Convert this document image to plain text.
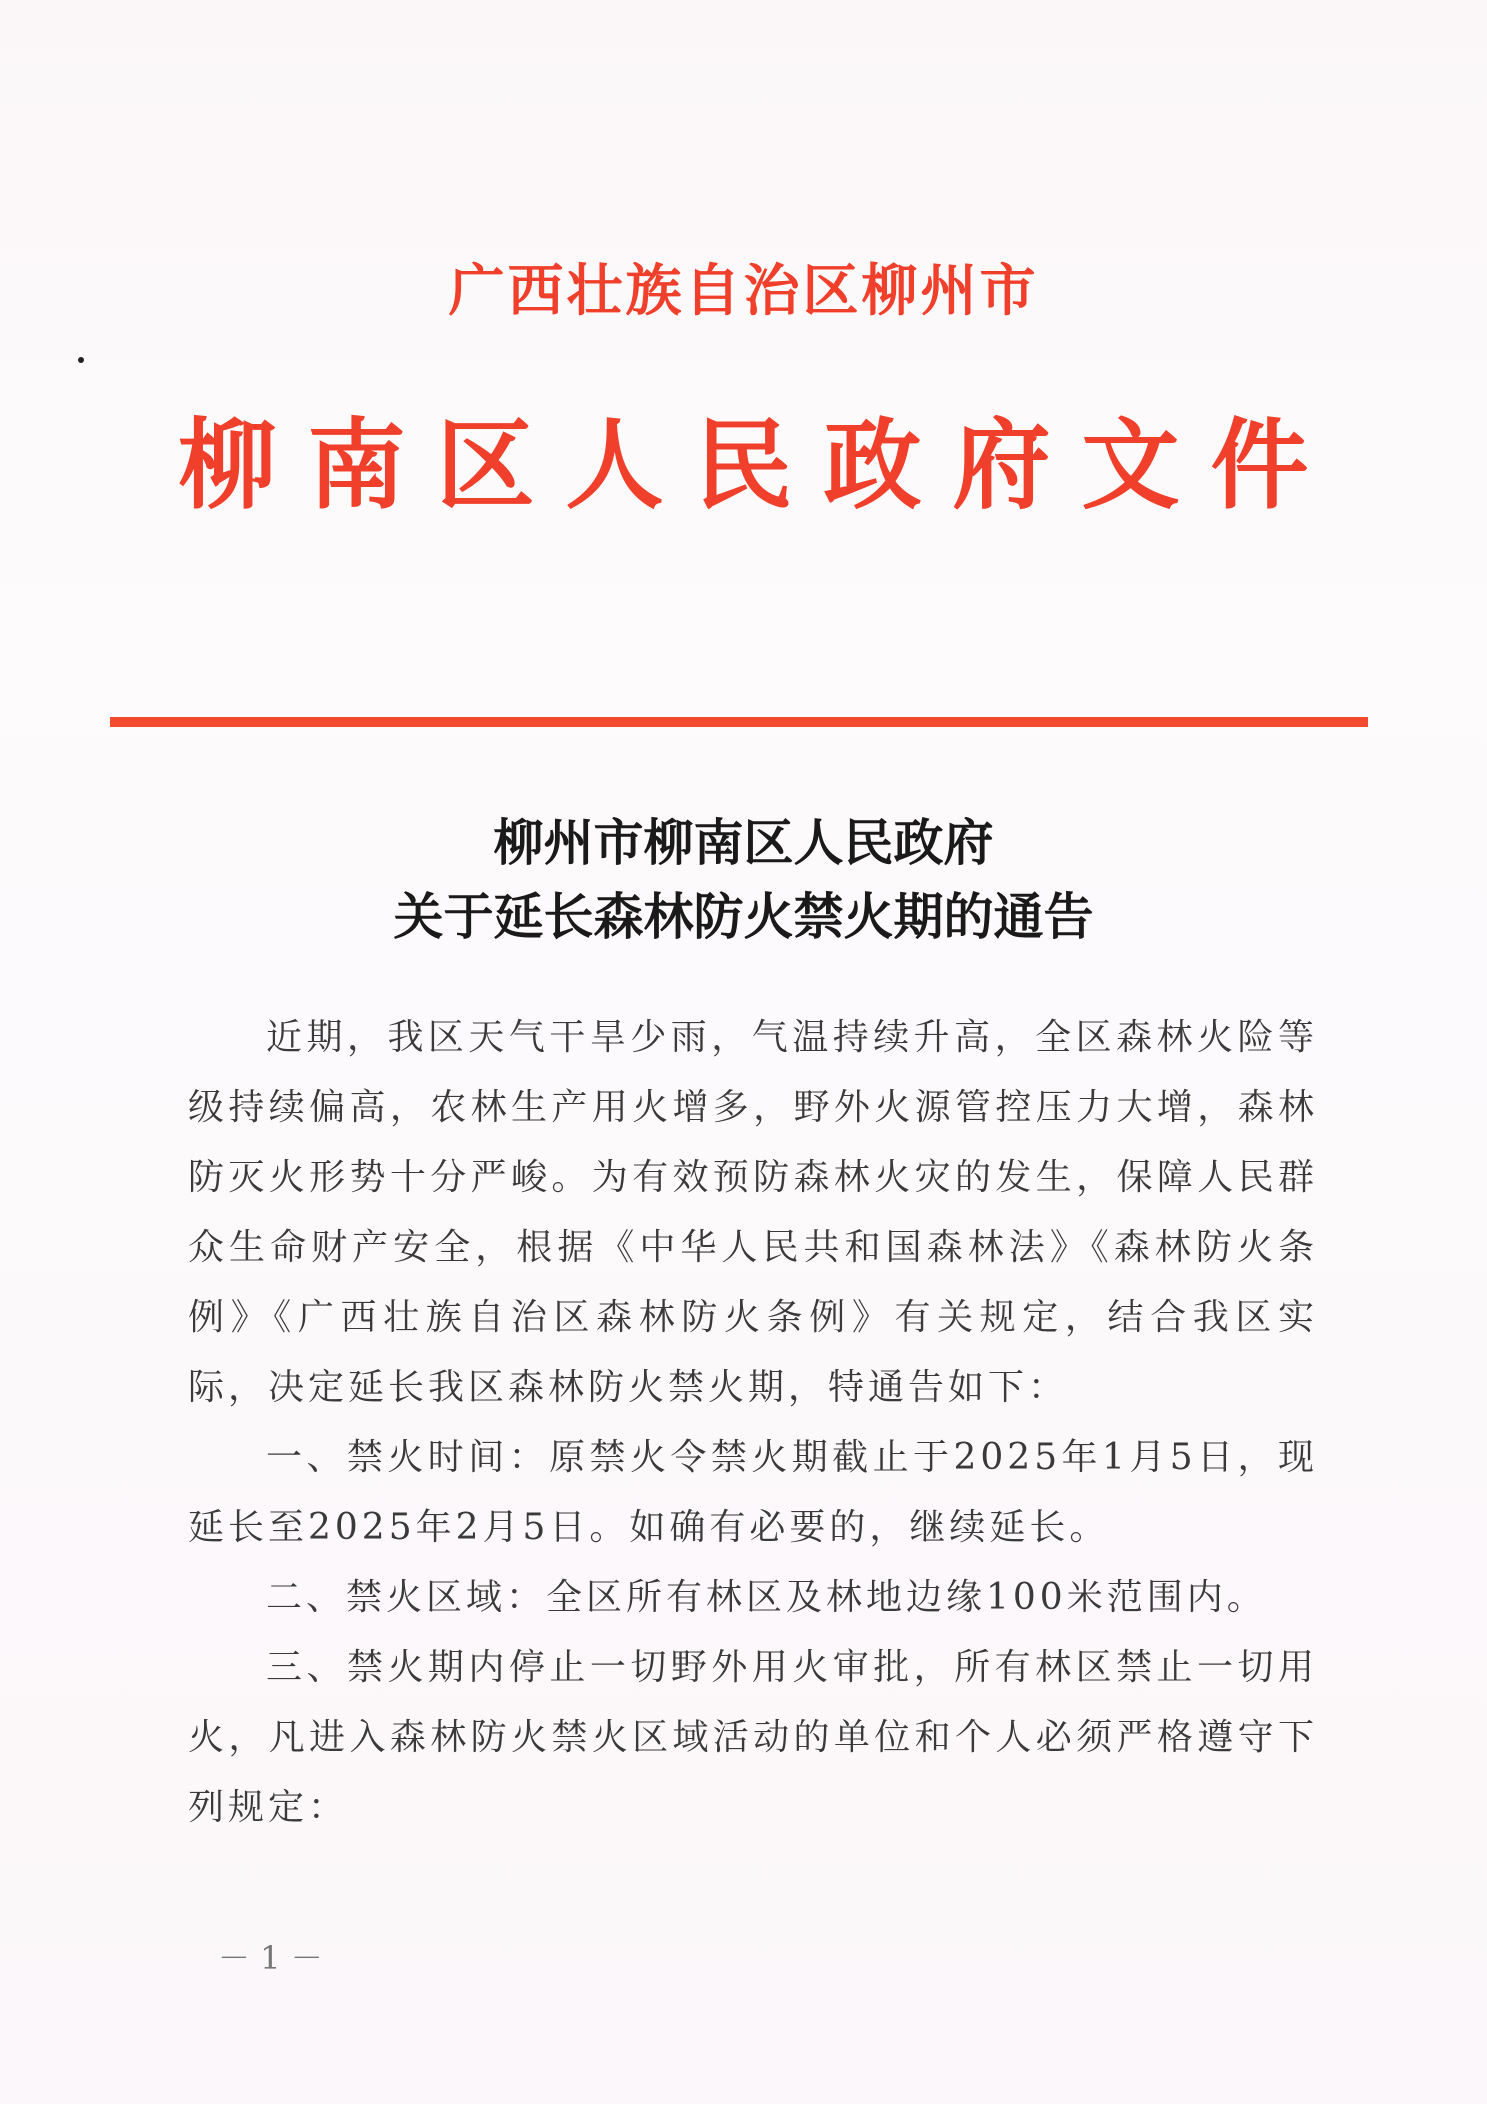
广西壮族自治区柳州市
柳南区人民政府文件
柳州市柳南区人民政府
关于延长森林防火禁火期的通告

近期，我区天气干旱少雨，气温持续升高，全区森林火险等级持续偏高，农林生产用火增多，野外火源管控压力大增，森林防灭火形势十分严峻。为有效预防森林火灾的发生，保障人民群众生命财产安全，根据《中华人民共和国森林法》《森林防火条例》《广西壮族自治区森林防火条例》有关规定，结合我区实际，决定延长我区森林防火禁火期，特通告如下：

一、禁火时间：原禁火令禁火期截止于2025年1月5日，现延长至2025年2月5日。如确有必要的，继续延长。

二、禁火区域：全区所有林区及林地边缘100米范围内。

三、禁火期内停止一切野外用火审批，所有林区禁止一切用火，凡进入森林防火禁火区域活动的单位和个人必须严格遵守下列规定：

－ 1 －
